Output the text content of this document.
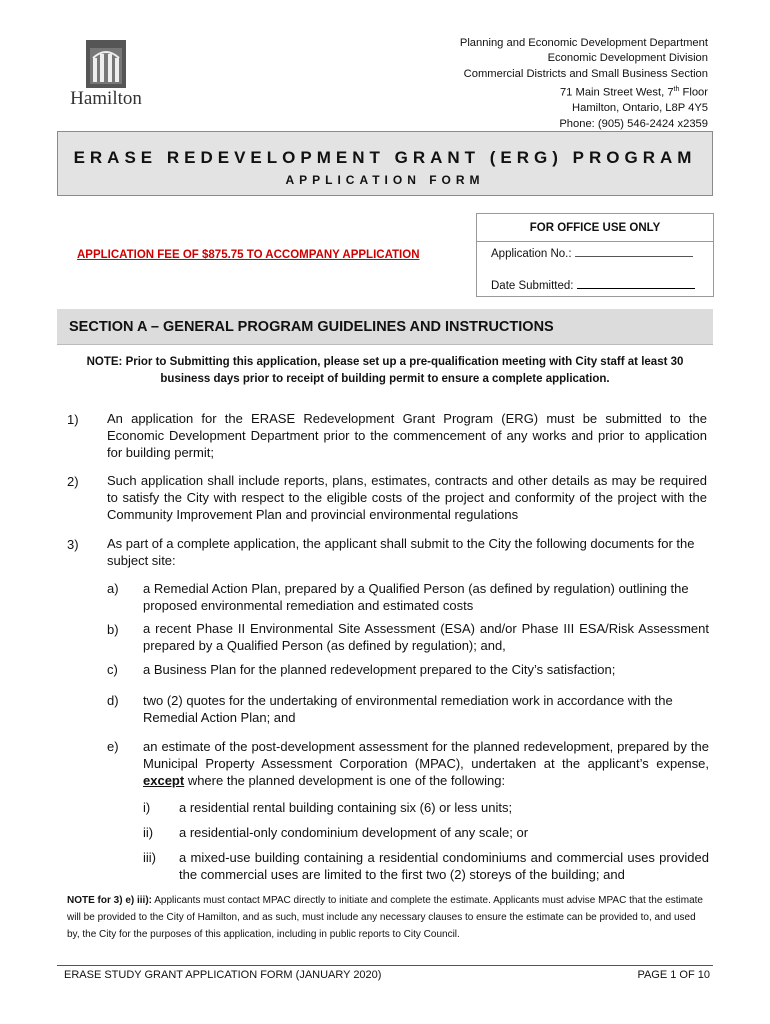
Hamilton
Planning and Economic Development Department
Economic Development Division
Commercial Districts and Small Business Section
71 Main Street West, 7th Floor
Hamilton, Ontario, L8P 4Y5
Phone: (905) 546-2424 x2359
ERASE REDEVELOPMENT GRANT (ERG) PROGRAM
APPLICATION FORM
APPLICATION FEE OF $875.75 TO ACCOMPANY APPLICATION
FOR OFFICE USE ONLY
Application No.:
Date Submitted:
SECTION A – GENERAL PROGRAM GUIDELINES AND INSTRUCTIONS
NOTE: Prior to Submitting this application, please set up a pre-qualification meeting with City staff at least 30
business days prior to receipt of building permit to ensure a complete application.
1) An application for the ERASE Redevelopment Grant Program (ERG) must be submitted to the Economic Development Department prior to the commencement of any works and prior to application for building permit;
2) Such application shall include reports, plans, estimates, contracts and other details as may be required to satisfy the City with respect to the eligible costs of the project and conformity of the project with the Community Improvement Plan and provincial environmental regulations
3) As part of a complete application, the applicant shall submit to the City the following documents for the subject site:
a) a Remedial Action Plan, prepared by a Qualified Person (as defined by regulation) outlining the proposed environmental remediation and estimated costs
b) a recent Phase II Environmental Site Assessment (ESA) and/or Phase III ESA/Risk Assessment prepared by a Qualified Person (as defined by regulation); and,
c) a Business Plan for the planned redevelopment prepared to the City’s satisfaction;
d) two (2) quotes for the undertaking of environmental remediation work in accordance with the Remedial Action Plan; and
e) an estimate of the post-development assessment for the planned redevelopment, prepared by the Municipal Property Assessment Corporation (MPAC), undertaken at the applicant’s expense, except where the planned development is one of the following:
i) a residential rental building containing six (6) or less units;
ii) a residential-only condominium development of any scale; or
iii) a mixed-use building containing a residential condominiums and commercial uses provided the commercial uses are limited to the first two (2) storeys of the building; and
NOTE for 3) e) iii): Applicants must contact MPAC directly to initiate and complete the estimate. Applicants must advise MPAC that the estimate will be provided to the City of Hamilton, and as such, must include any necessary clauses to ensure the estimate can be provided to, and used by, the City for the purposes of this application, including in public reports to City Council.
ERASE STUDY GRANT APPLICATION FORM (JANUARY 2020)	PAGE 1 OF 10
